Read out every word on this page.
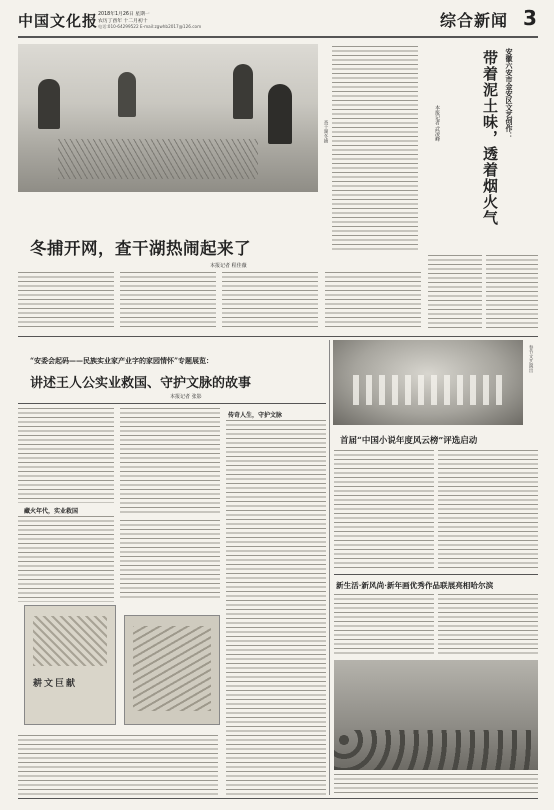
中国文化报 2018年1月26日 星期一
农历丁酉年 十二月初十
电话:010-64299522 E-mail:zgwhb2017@126.com	综合新闻 3
查干湖冬捕
冬捕开网，查干湖热闹起来了
本报记者 程佳薇
安徽六安市金安区文艺创作：
带着泥土味，透着烟火气
本报记者 武凌峰
春节文艺演出
“安委会起码——民族实业家产业字的家园情怀”专题展览：
讲述王人公实业救国、守护文脉的故事
本报记者 张影
藏火年代，实业救国
耕文巨献
传奇人生，守护文脉
首届“中国小说年度风云榜”评选启动
新生活·新风尚·新年画优秀作品联展亮相哈尔滨
